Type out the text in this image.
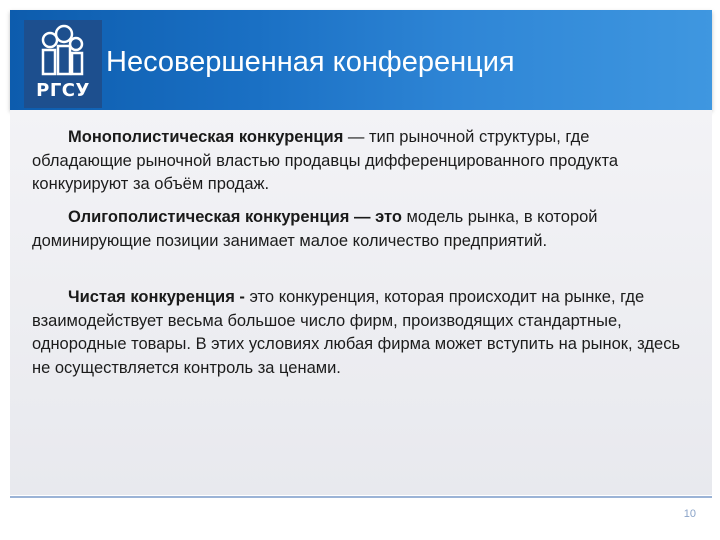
РГСУ
Несовершенная конференция

Монополистическая конкуренция — тип рыночной структуры, где обладающие рыночной властью продавцы дифференцированного продукта конкурируют за объём продаж.

Олигополистическая конкуренция — это модель рынка, в которой доминирующие позиции занимает малое количество предприятий.

Чистая конкуренция - это конкуренция, которая происходит на рынке, где взаимодействует весьма большое число фирм, производящих стандартные, однородные товары. В этих условиях любая фирма может вступить на рынок, здесь не осуществляется контроль за ценами.

10
